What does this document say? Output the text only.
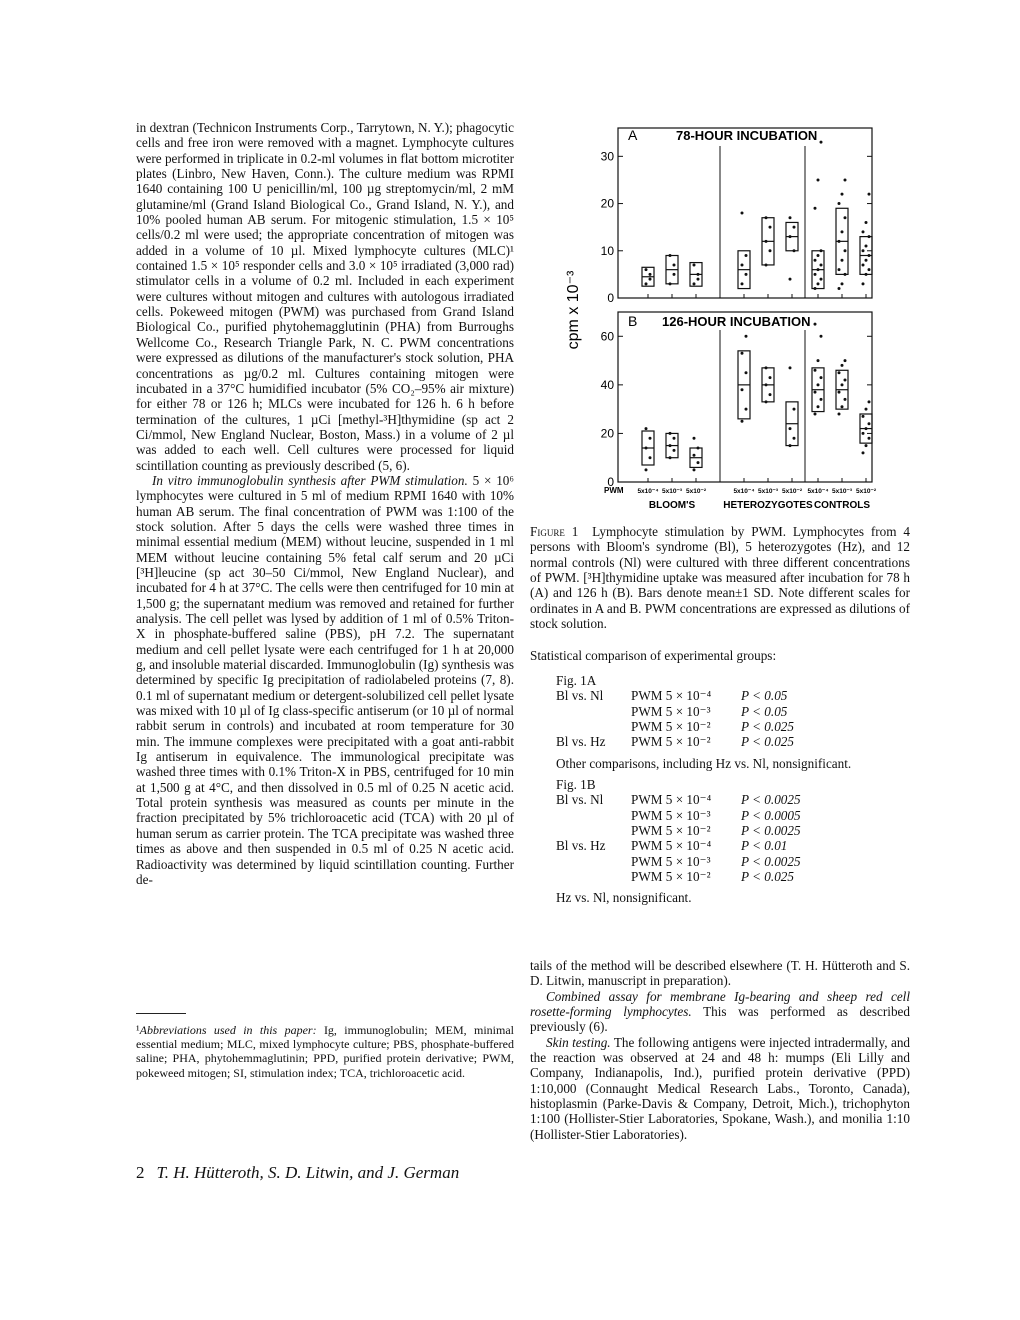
in dextran (Technicon Instruments Corp., Tarrytown, N. Y.); phagocytic cells and free iron were removed with a magnet. Lymphocyte cultures were performed in triplicate in 0.2-ml volumes in flat bottom microtiter plates (Linbro, New Haven, Conn.). The culture medium was RPMI 1640 containing 100 U penicillin/ml, 100 µg streptomycin/ml, 2 mM glutamine/ml (Grand Island Biological Co., Grand Island, N. Y.), and 10% pooled human AB serum. For mitogenic stimulation, 1.5 × 10⁵ cells/0.2 ml were used; the appropriate concentration of mitogen was added in a volume of 10 µl. Mixed lymphocyte cultures (MLC)¹ contained 1.5 × 10⁵ responder cells and 3.0 × 10⁵ irradiated (3,000 rad) stimulator cells in a volume of 0.2 ml. Included in each experiment were cultures without mitogen and cultures with autologous irradiated cells. Pokeweed mitogen (PWM) was purchased from Grand Island Biological Co., purified phytohemagglutinin (PHA) from Burroughs Wellcome Co., Research Triangle Park, N. C. PWM concentrations were expressed as dilutions of the manufacturer's stock solution, PHA concentrations as µg/0.2 ml. Cultures containing mitogen were incubated in a 37°C humidified incubator (5% CO₂–95% air mixture) for either 78 or 126 h; MLCs were incubated for 126 h. 6 h before termination of the cultures, 1 µCi [methyl-³H]thymidine (sp act 2 Ci/mmol, New England Nuclear, Boston, Mass.) in a volume of 2 µl was added to each well. Cell cultures were processed for liquid scintillation counting as previously described (5, 6).

In vitro immunoglobulin synthesis after PWM stimulation. 5 × 10⁶ lymphocytes were cultured in 5 ml of medium RPMI 1640 with 10% human AB serum. The final concentration of PWM was 1:100 of the stock solution. After 5 days the cells were washed three times in minimal essential medium (MEM) without leucine, suspended in 1 ml MEM without leucine containing 5% fetal calf serum and 20 µCi [³H]leucine (sp act 30–50 Ci/mmol, New England Nuclear), and incubated for 4 h at 37°C. The cells were then centrifuged for 10 min at 1,500 g; the supernatant medium was removed and retained for further analysis. The cell pellet was lysed by addition of 1 ml of 0.5% Triton-X in phosphate-buffered saline (PBS), pH 7.2. The supernatant medium and cell pellet lysate were each centrifuged for 1 h at 20,000 g, and insoluble material discarded. Immunoglobulin (Ig) synthesis was determined by specific Ig precipitation of radiolabeled proteins (7, 8). 0.1 ml of supernatant medium or detergent-solubilized cell pellet lysate was mixed with 10 µl of Ig class-specific antiserum (or 10 µl of normal rabbit serum in controls) and incubated at room temperature for 30 min. The immune complexes were precipitated with a goat anti-rabbit Ig antiserum in equivalence. The immunological precipitate was washed three times with 0.1% Triton-X in PBS, centrifuged for 10 min at 1,500 g at 4°C, and then dissolved in 0.5 ml of 0.25 N acetic acid. Total protein synthesis was measured as counts per minute in the fraction precipitated by 5% trichloroacetic acid (TCA) with 20 µl of human serum as carrier protein. The TCA precipitate was washed three times as above and then suspended in 0.5 ml of 0.25 N acetic acid. Radioactivity was determined by liquid scintillation counting. Further de-

¹Abbreviations used in this paper: Ig, immunoglobulin; MEM, minimal essential medium; MLC, mixed lymphocyte culture; PBS, phosphate-buffered saline; PHA, phytohemmaglutinin; PPD, purified protein derivative; PWM, pokeweed mitogen; SI, stimulation index; TCA, trichloroacetic acid.
2 T. H. Hütteroth, S. D. Litwin, and J. German
A	78-HOUR INCUBATION
30
20
10
0
B 126-HOUR INCUBATION
60
40
20
0
cpm x 10⁻³
PWM 5x10⁻⁴ 5x10⁻³ 5x10⁻²	5x10⁻⁴ 5x10⁻³ 5x10⁻² 5x10⁻⁴ 5x10⁻³ 5x10⁻²
BLOOM'S	HETEROZYGOTES CONTROLS
Figure 1 Lymphocyte stimulation by PWM. Lymphocytes from 4 persons with Bloom's syndrome (Bl), 5 heterozygotes (Hz), and 12 normal controls (Nl) were cultured with three different concentrations of PWM. [³H]thymidine uptake was measured after incubation for 78 h (A) and 126 h (B). Bars denote mean±1 SD. Note different scales for ordinates in A and B. PWM concentrations are expressed as dilutions of stock solution.
Statistical comparison of experimental groups:
Fig. 1A
Bl vs. Nl PWM 5 × 10⁻⁴ P < 0.05
PWM 5 × 10⁻³ P < 0.05
PWM 5 × 10⁻² P < 0.025
Bl vs. Hz PWM 5 × 10⁻² P < 0.025
Other comparisons, including Hz vs. Nl, nonsignificant.
Fig. 1B
Bl vs. Nl PWM 5 × 10⁻⁴ P < 0.0025
PWM 5 × 10⁻³ P < 0.0005
PWM 5 × 10⁻² P < 0.0025
Bl vs. Hz PWM 5 × 10⁻⁴ P < 0.01
PWM 5 × 10⁻³ P < 0.0025
PWM 5 × 10⁻² P < 0.025
Hz vs. Nl, nonsignificant.

tails of the method will be described elsewhere (T. H. Hütteroth and S. D. Litwin, manuscript in preparation).

Combined assay for membrane Ig-bearing and sheep red cell rosette-forming lymphocytes. This was performed as described previously (6).

Skin testing. The following antigens were injected intradermally, and the reaction was observed at 24 and 48 h: mumps (Eli Lilly and Company, Indianapolis, Ind.), purified protein derivative (PPD) 1:10,000 (Connaught Medical Research Labs., Toronto, Canada), histoplasmin (Parke-Davis & Company, Detroit, Mich.), trichophyton 1:100 (Hollister-Stier Laboratories, Spokane, Wash.), and monilia 1:10 (Hollister-Stier Laboratories).
